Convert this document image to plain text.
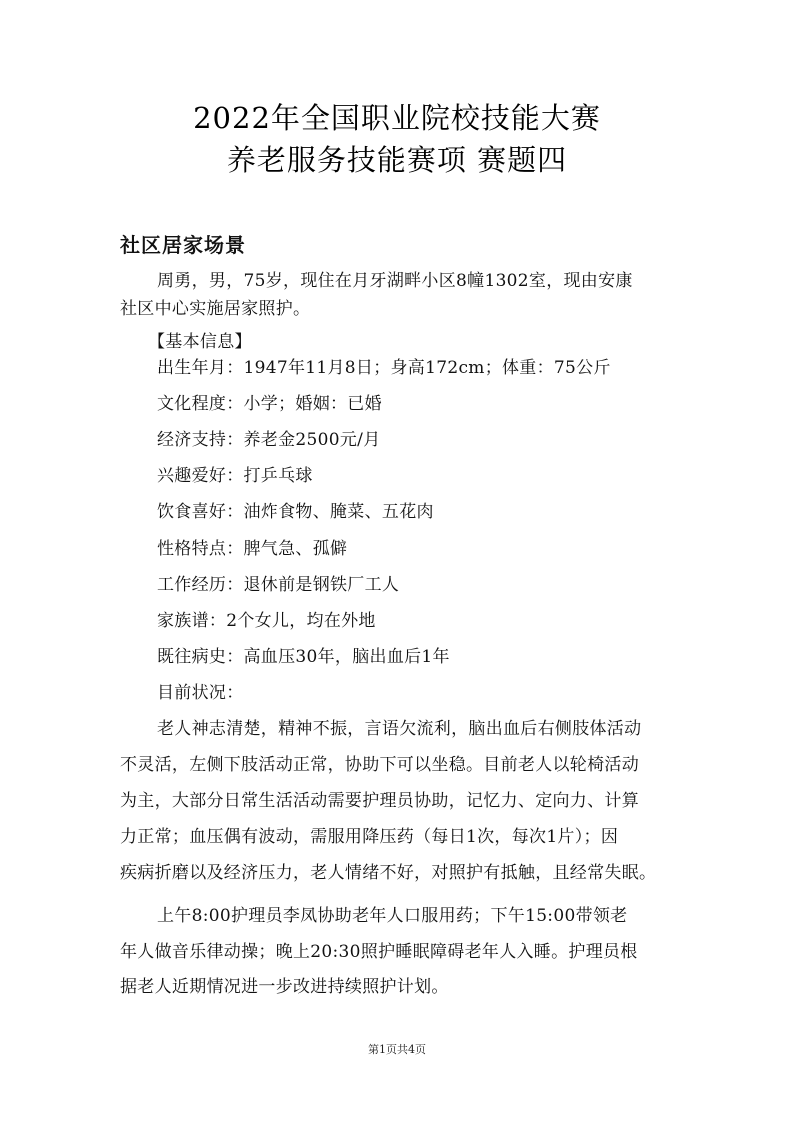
2022年全国职业院校技能大赛
养老服务技能赛项 赛题四
社区居家场景
周勇，男，75岁，现住在月牙湖畔小区8幢1302室，现由安康
社区中心实施居家照护。
【基本信息】
出生年月：1947年11月8日；身高172cm；体重：75公斤
文化程度：小学；婚姻：已婚
经济支持：养老金2500元/月
兴趣爱好：打乒乓球
饮食喜好：油炸食物、腌菜、五花肉
性格特点：脾气急、孤僻
工作经历：退休前是钢铁厂工人
家族谱：2个女儿，均在外地
既往病史：高血压30年，脑出血后1年
目前状况：
老人神志清楚，精神不振，言语欠流利，脑出血后右侧肢体活动
不灵活，左侧下肢活动正常，协助下可以坐稳。目前老人以轮椅活动
为主，大部分日常生活活动需要护理员协助，记忆力、定向力、计算
力正常；血压偶有波动，需服用降压药（每日1次，每次1片）；因
疾病折磨以及经济压力，老人情绪不好，对照护有抵触，且经常失眠。
上午8:00护理员李凤协助老年人口服用药；下午15:00带领老
年人做音乐律动操；晚上20:30照护睡眠障碍老年人入睡。护理员根
据老人近期情况进一步改进持续照护计划。
第1页共4页
